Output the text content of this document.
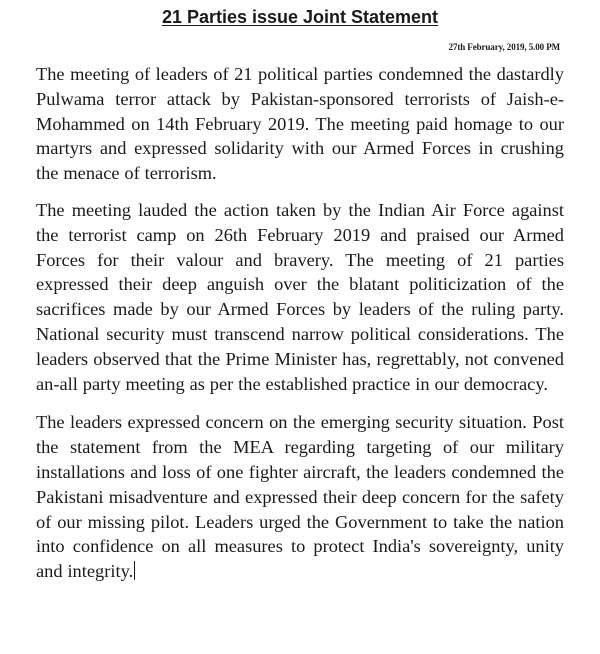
21 Parties issue Joint Statement
27th February, 2019, 5.00 PM

The meeting of leaders of 21 political parties condemned the dastardly Pulwama terror attack by Pakistan-sponsored terrorists of Jaish-e-Mohammed on 14th February 2019. The meeting paid homage to our martyrs and expressed solidarity with our Armed Forces in crushing the menace of terrorism.

The meeting lauded the action taken by the Indian Air Force against the terrorist camp on 26th February 2019 and praised our Armed Forces for their valour and bravery. The meeting of 21 parties expressed their deep anguish over the blatant politicization of the sacrifices made by our Armed Forces by leaders of the ruling party. National security must transcend narrow political considerations. The leaders observed that the Prime Minister has, regrettably, not convened an-all party meeting as per the established practice in our democracy.

The leaders expressed concern on the emerging security situation. Post the statement from the MEA regarding targeting of our military installations and loss of one fighter aircraft, the leaders condemned the Pakistani misadventure and expressed their deep concern for the safety of our missing pilot. Leaders urged the Government to take the nation into confidence on all measures to protect India's sovereignty, unity and integrity.
